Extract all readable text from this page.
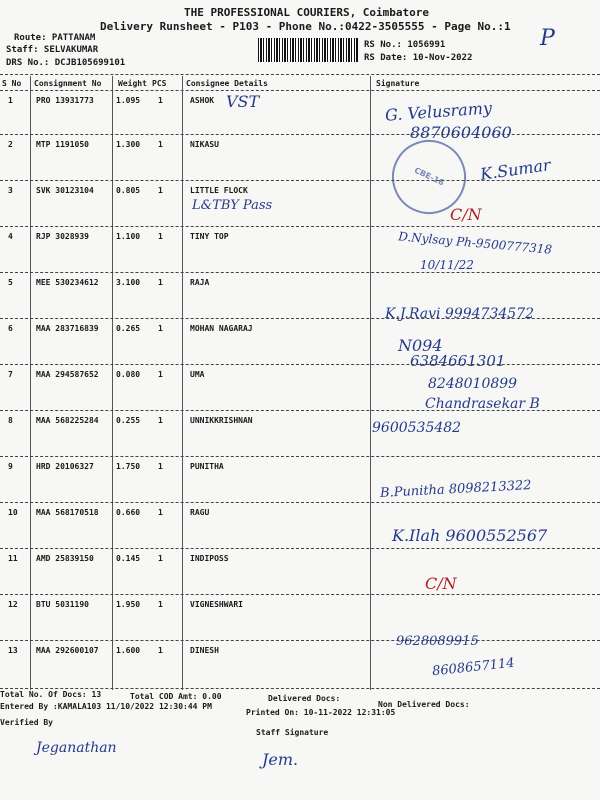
THE PROFESSIONAL COURIERS, Coimbatore
Delivery Runsheet - P103 - Phone No.:0422-3505555 - Page No.:1 P
Route: PATTANAM
Staff: SELVAKUMAR
DRS No.: DCJB105699101
RS No.: 1056991
RS Date: 10-Nov-2022
S No Consignment No Weight PCS Consignee Details	Signature
1	PRO 13931773	1.095 1	ASHOK VST	G. Velusramy
8870604060
2	MTP 1191050	1.300 1	NIKASU
CBE-16	K.Sumar
3	SVK 30123104	0.805 1	LITTLE FLOCK
L&TBY Pass	C/N
4	RJP 3028939	1.100 1	TINY TOP	D.Nylsay Ph-9500777318
10/11/22
5	MEE 530234612 3.100 1	RAJA
K.J.Ravi 9994734572
6	MAA 283716839 0.265 1	MOHAN NAGARAJ
N094
6384661301
7	MAA 294587652 0.080 1	UMA
8248010899
Chandrasekar B
8	MAA 568225284 0.255 1	UNNIKKRISHNAN	9600535482
9	HRD 20106327	1.750 1	PUNITHA
B.Punitha 8098213322
10 MAA 568170518 0.660 1	RAGU
K.Ilah 9600552567
11 AMD 25839150	0.145 1	INDIPOSS
C/N
12 BTU 5031190	1.950 1	VIGNESHWARI
13 MAA 292600107 1.600 1	DINESH
9628089915
8608657114
Total No. Of Docs: 13	Total COD Amt: 0.00	Delivered Docs:
Non Delivered Docs:
Entered By :KAMALA103 11/10/2022 12:30:44 PM
Printed On: 10-11-2022 12:31:05
Verified By
Staff Signature
Jeganathan
Jem.
